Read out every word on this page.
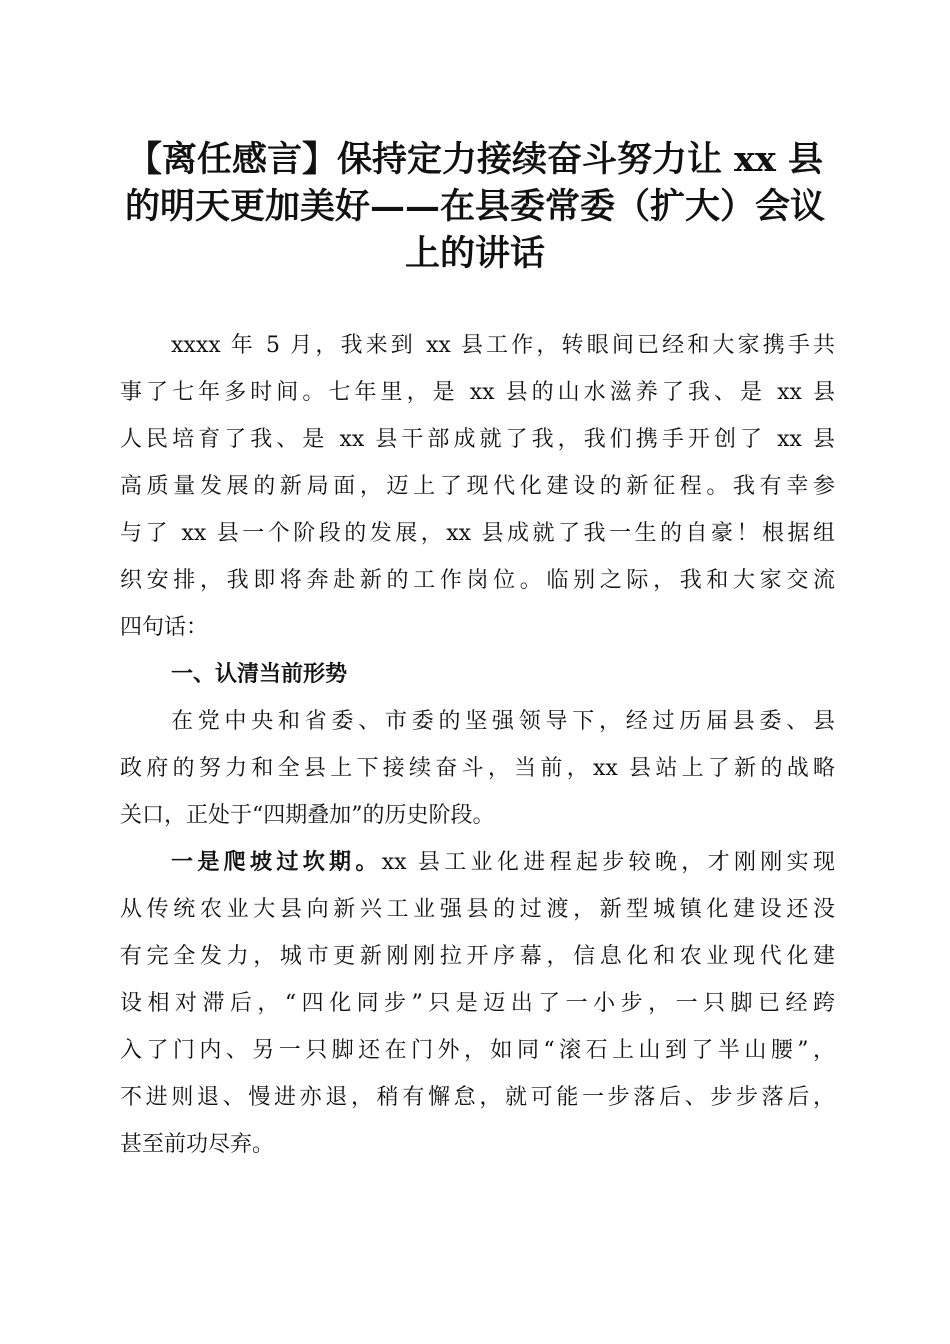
【离任感言】保持定力接续奋斗努力让 xx 县
的明天更加美好——在县委常委（扩大）会议
上的讲话
xxxx 年 5 月，我来到 xx 县工作，转眼间已经和大家携手共
事了七年多时间。七年里，是 xx 县的山水滋养了我、是 xx 县
人民培育了我、是 xx 县干部成就了我，我们携手开创了 xx 县
高质量发展的新局面，迈上了现代化建设的新征程。我有幸参
与了 xx 县一个阶段的发展，xx 县成就了我一生的自豪！根据组
织安排，我即将奔赴新的工作岗位。临别之际，我和大家交流
四句话：
一、认清当前形势
在党中央和省委、市委的坚强领导下，经过历届县委、县
政府的努力和全县上下接续奋斗，当前，xx 县站上了新的战略
关口，正处于“四期叠加”的历史阶段。
一是爬坡过坎期。xx 县工业化进程起步较晚，才刚刚实现
从传统农业大县向新兴工业强县的过渡，新型城镇化建设还没
有完全发力，城市更新刚刚拉开序幕，信息化和农业现代化建
设相对滞后，“四化同步”只是迈出了一小步，一只脚已经跨
入了门内、另一只脚还在门外，如同“滚石上山到了半山腰”，
不进则退、慢进亦退，稍有懈怠，就可能一步落后、步步落后，
甚至前功尽弃。
